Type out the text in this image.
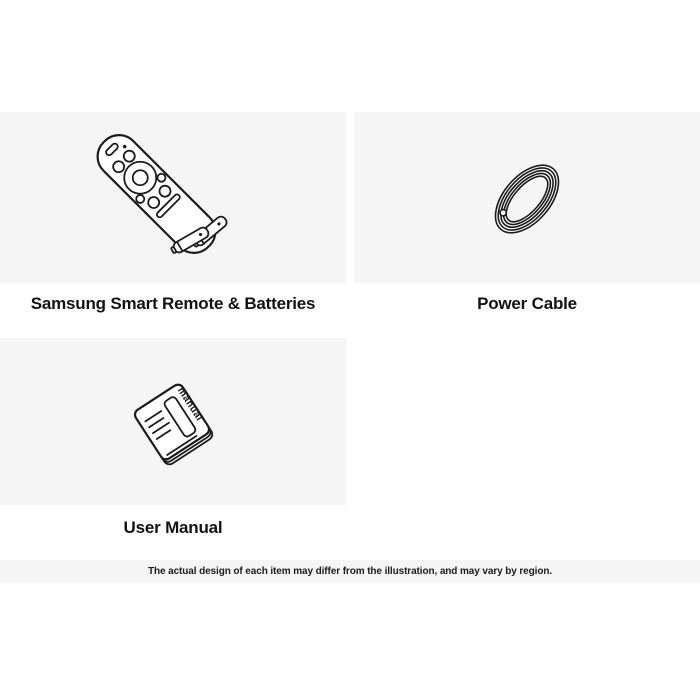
Samsung Smart Remote & Batteries	Power Cable
manual
User Manual
The actual design of each item may differ from the illustration, and may vary by region.
